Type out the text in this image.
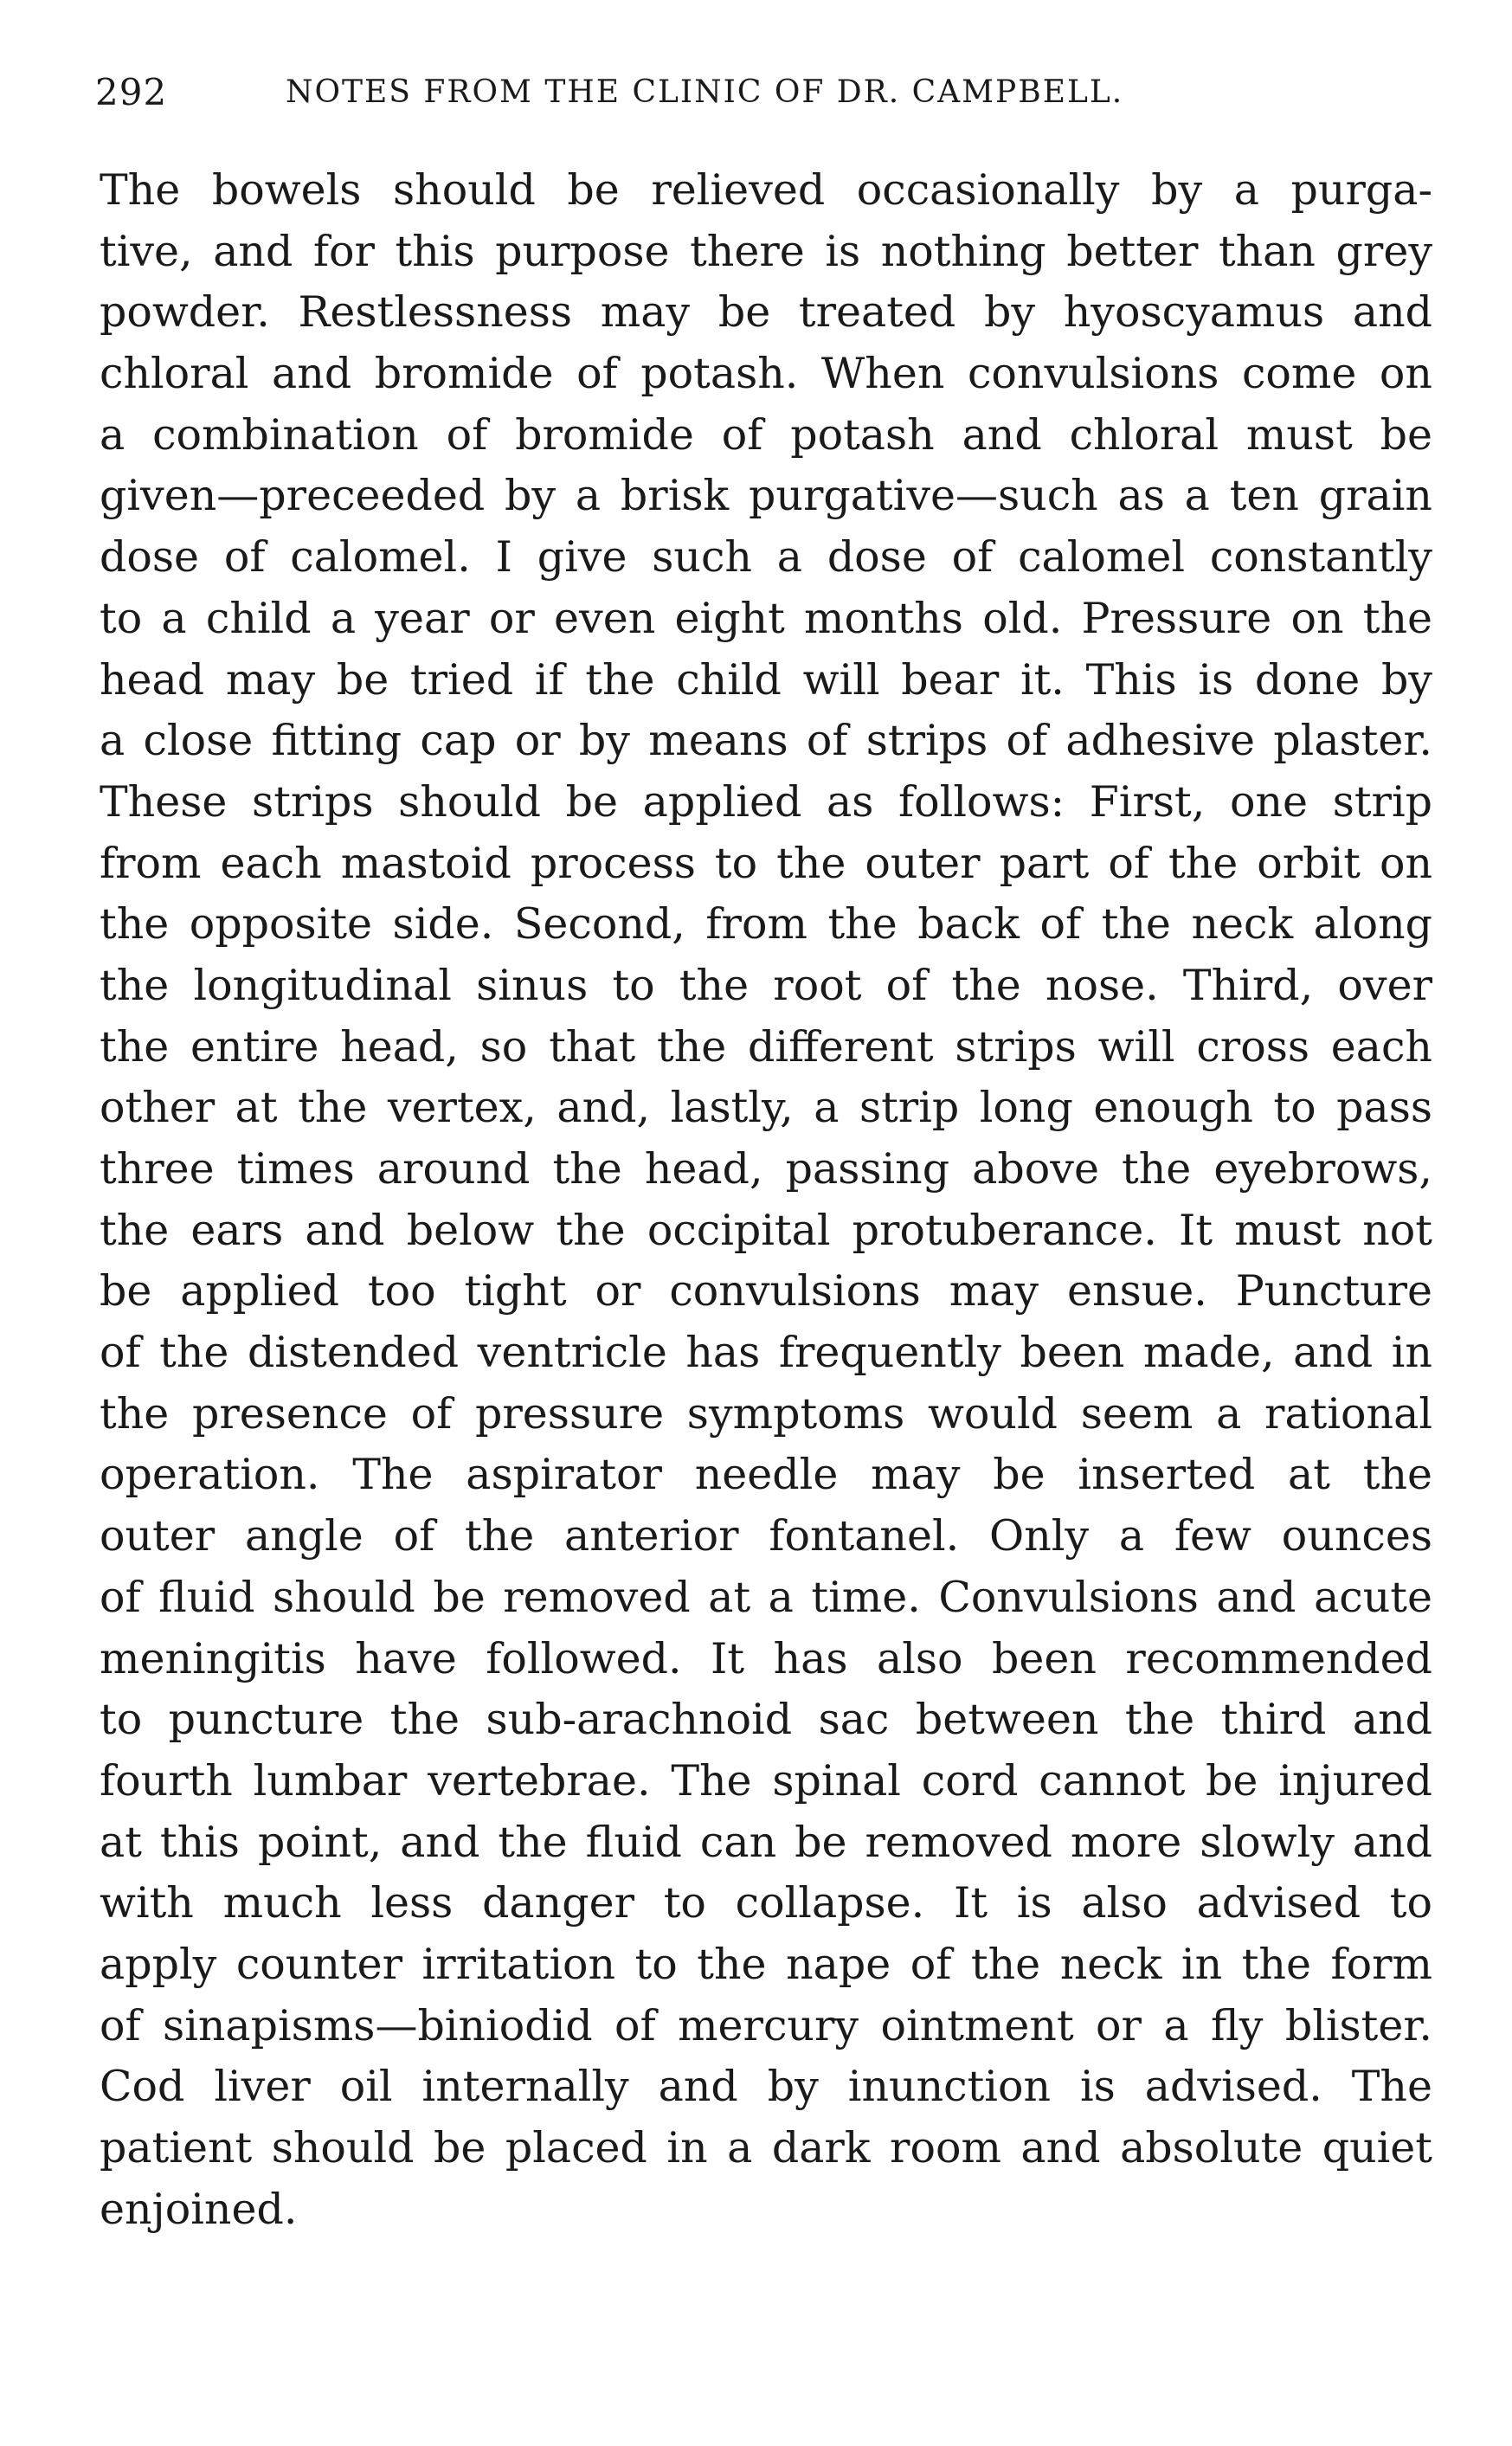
292	NOTES FROM THE CLINIC OF DR. CAMPBELL.
The bowels should be relieved occasionally by a purga-
tive, and for this purpose there is nothing better than grey
powder. Restlessness may be treated by hyoscyamus and
chloral and bromide of potash. When convulsions come on
a combination of bromide of potash and chloral must be
given—preceeded by a brisk purgative—such as a ten grain
dose of calomel. I give such a dose of calomel constantly
to a child a year or even eight months old. Pressure on the
head may be tried if the child will bear it. This is done by
a close fitting cap or by means of strips of adhesive plaster.
These strips should be applied as follows: First, one strip
from each mastoid process to the outer part of the orbit on
the opposite side. Second, from the back of the neck along
the longitudinal sinus to the root of the nose. Third, over
the entire head, so that the different strips will cross each
other at the vertex, and, lastly, a strip long enough to pass
three times around the head, passing above the eyebrows,
the ears and below the occipital protuberance. It must not
be applied too tight or convulsions may ensue. Puncture
of the distended ventricle has frequently been made, and in
the presence of pressure symptoms would seem a rational
operation. The aspirator needle may be inserted at the
outer angle of the anterior fontanel. Only a few ounces
of fluid should be removed at a time. Convulsions and acute
meningitis have followed. It has also been recommended
to puncture the sub-arachnoid sac between the third and
fourth lumbar vertebrae. The spinal cord cannot be injured
at this point, and the fluid can be removed more slowly and
with much less danger to collapse. It is also advised to
apply counter irritation to the nape of the neck in the form
of sinapisms—biniodid of mercury ointment or a fly blister.
Cod liver oil internally and by inunction is advised. The
patient should be placed in a dark room and absolute quiet
enjoined.
